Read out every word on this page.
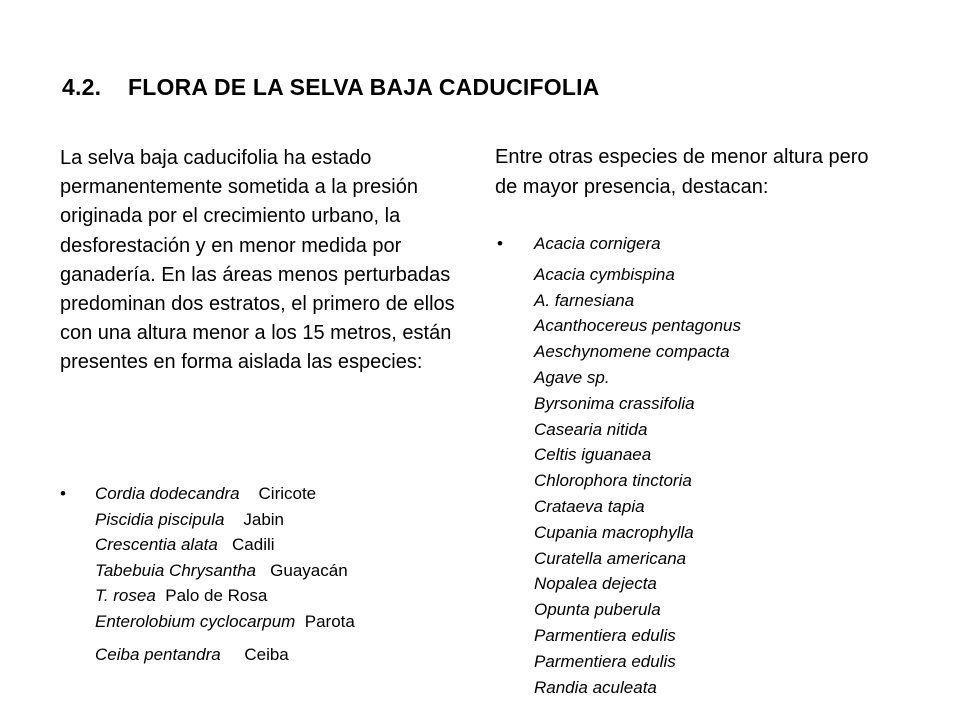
4.2. FLORA DE LA SELVA BAJA CADUCIFOLIA
La selva baja caducifolia ha estado permanentemente sometida a la presión originada por el crecimiento urbano, la desforestación y en menor medida por ganadería. En las áreas menos perturbadas predominan dos estratos, el primero de ellos con una altura menor a los 15 metros, están presentes en forma aislada las especies:
•	Cordia dodecandra Ciricote
Piscidia piscipula Jabin
Crescentia alata Cadili
Tabebuia Chrysantha Guayacán
T. rosea Palo de Rosa
Enterolobium cyclocarpum Parota
Ceiba pentandra Ceiba
Entre otras especies de menor altura pero de mayor presencia, destacan:
•	Acacia cornigera
Acacia cymbispina
A. farnesiana
Acanthocereus pentagonus
Aeschynomene compacta
Agave sp.
Byrsonima crassifolia
Casearia nitida
Celtis iguanaea
Chlorophora tinctoria
Crataeva tapia
Cupania macrophylla
Curatella americana
Nopalea dejecta
Opunta puberula
Parmentiera edulis
Parmentiera edulis
Randia aculeata
